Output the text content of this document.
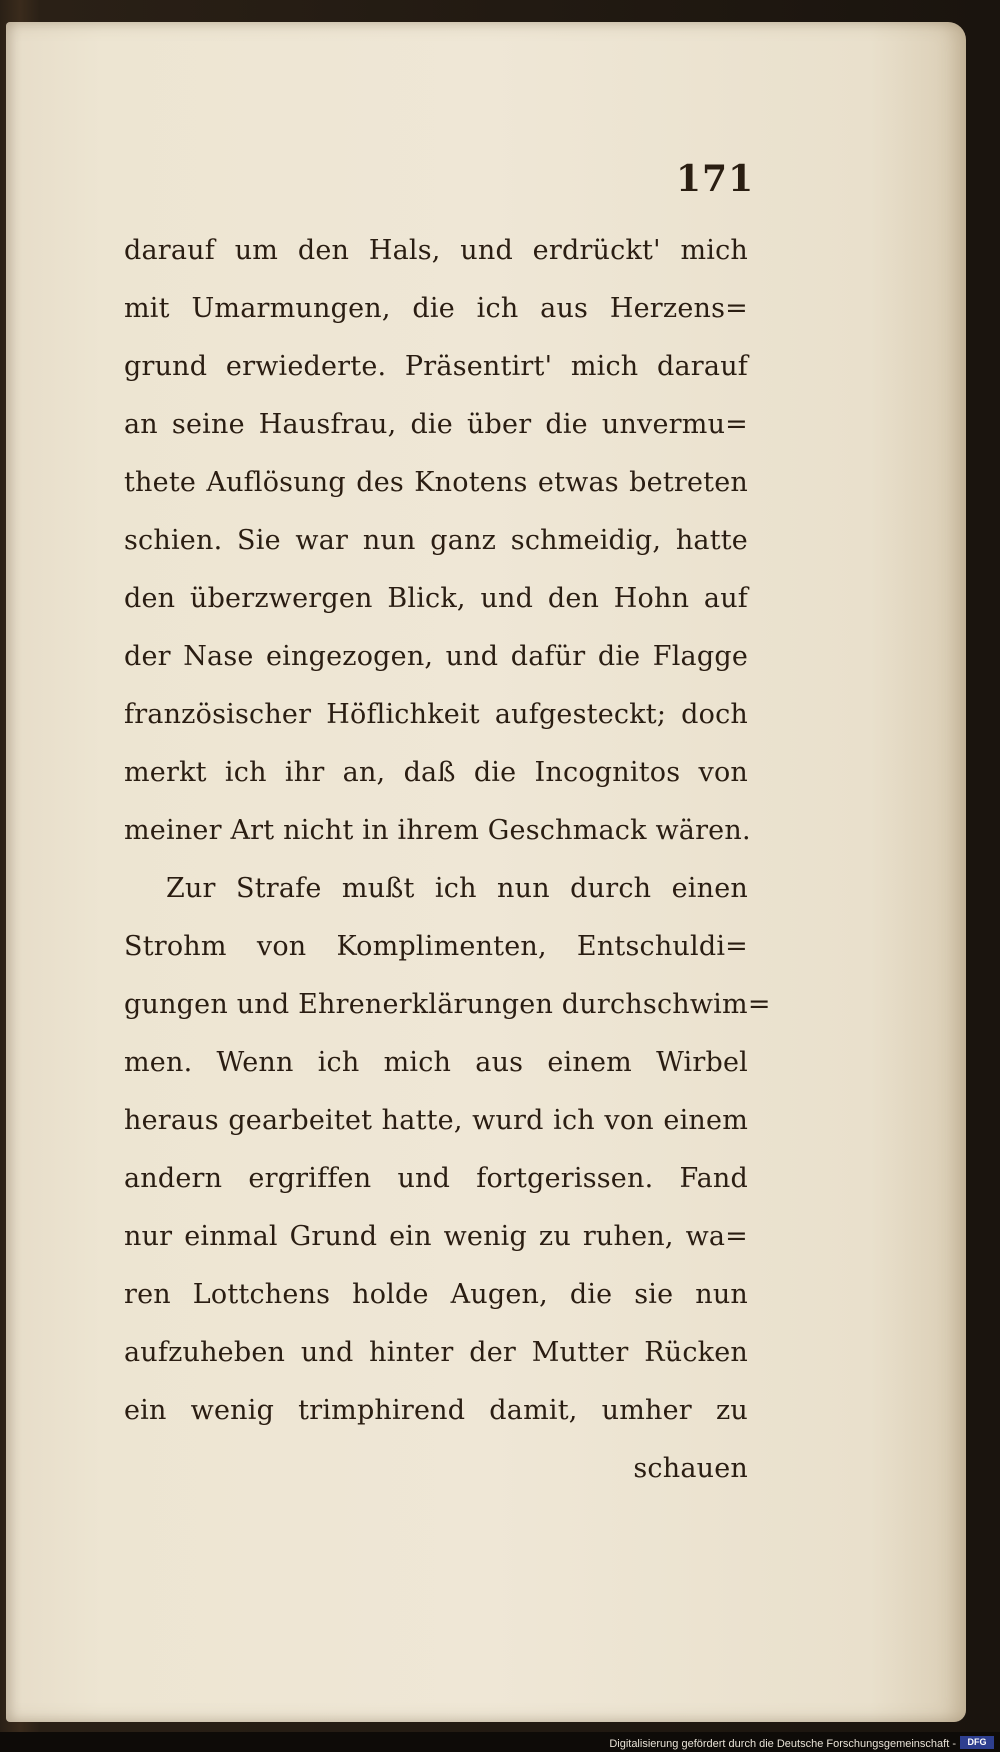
171
darauf um den Hals, und erdrückt' mich
mit Umarmungen, die ich aus Herzens=
grund erwiederte. Präsentirt' mich darauf
an seine Hausfrau, die über die unvermu=
thete Auflösung des Knotens etwas betreten
schien. Sie war nun ganz schmeidig, hatte
den überzwergen Blick, und den Hohn auf
der Nase eingezogen, und dafür die Flagge
französischer Höflichkeit aufgesteckt; doch
merkt ich ihr an, daß die Incognitos von
meiner Art nicht in ihrem Geschmack wären.
Zur Strafe mußt ich nun durch einen
Strohm von Komplimenten, Entschuldi=
gungen und Ehrenerklärungen durchschwim=
men. Wenn ich mich aus einem Wirbel
heraus gearbeitet hatte, wurd ich von einem
andern ergriffen und fortgerissen. Fand
nur einmal Grund ein wenig zu ruhen, wa=
ren Lottchens holde Augen, die sie nun
aufzuheben und hinter der Mutter Rücken
ein wenig trimphirend damit, umher zu
schauen
Digitalisierung gefördert durch die Deutsche Forschungsgemeinschaft -	DFG
